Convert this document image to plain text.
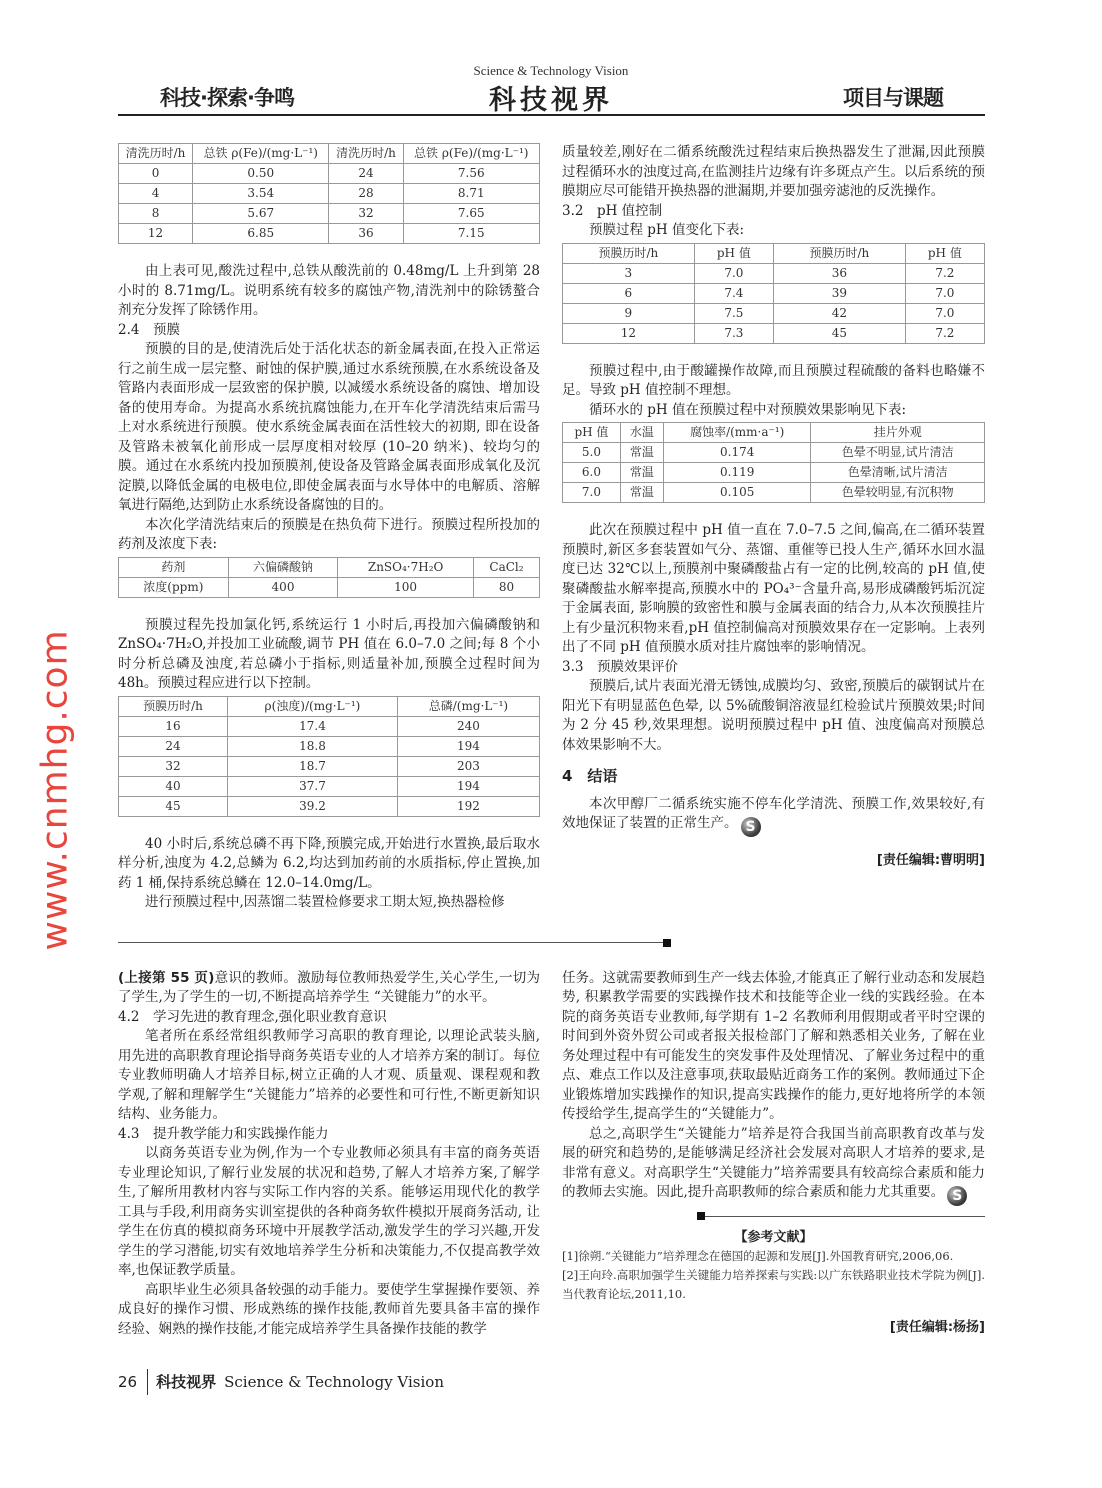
Science & Technology Vision
科技·探索·争鸣	科技视界	项目与课题
清洗历时/h	总铁 ρ(Fe)/(mg·L⁻¹)	清洗历时/h	总铁 ρ(Fe)/(mg·L⁻¹)
0	0.50	24	7.56
4	3.54	28	8.71
8	5.67	32	7.65
12	6.85	36	7.15

由上表可见,酸洗过程中,总铁从酸洗前的 0.48mg/L 上升到第 28 小时的 8.71mg/L。说明系统有较多的腐蚀产物,清洗剂中的除锈螯合剂充分发挥了除锈作用。

2.4　预膜

预膜的目的是,使清洗后处于活化状态的新金属表面,在投入正常运行之前生成一层完整、耐蚀的保护膜,通过水系统预膜,在水系统设备及管路内表面形成一层致密的保护膜, 以减缓水系统设备的腐蚀、增加设备的使用寿命。为提高水系统抗腐蚀能力,在开车化学清洗结束后需马上对水系统进行预膜。使水系统金属表面在活性较大的初期, 即在设备及管路未被氧化前形成一层厚度相对较厚 (10–20 纳米)、较均匀的膜。通过在水系统内投加预膜剂,使设备及管路金属表面形成氧化及沉淀膜,以降低金属的电极电位,即使金属表面与水导体中的电解质、溶解氧进行隔绝,达到防止水系统设备腐蚀的目的。

本次化学清洗结束后的预膜是在热负荷下进行。预膜过程所投加的药剂及浓度下表:

药剂	六偏磷酸钠	ZnSO₄·7H₂O	CaCl₂
浓度(ppm)	400	100	80

预膜过程先投加氯化钙,系统运行 1 小时后,再投加六偏磷酸钠和 ZnSO₄·7H₂O,并投加工业硫酸,调节 PH 值在 6.0–7.0 之间;每 8 个小时分析总磷及浊度,若总磷小于指标,则适量补加,预膜全过程时间为 48h。预膜过程应进行以下控制。

预膜历时/h	ρ(浊度)/(mg·L⁻¹)	总磷/(mg·L⁻¹)
16	17.4	240
24	18.8	194
32	18.7	203
40	37.7	194
45	39.2	192

40 小时后,系统总磷不再下降,预膜完成,开始进行水置换,最后取水样分析,浊度为 4.2,总鳞为 6.2,均达到加药前的水质指标,停止置换,加药 1 桶,保持系统总鳞在 12.0–14.0mg/L。

进行预膜过程中,因蒸馏二装置检修要求工期太短,换热器检修

质量较差,刚好在二循系统酸洗过程结束后换热器发生了泄漏,因此预膜过程循环水的浊度过高,在监测挂片边缘有许多斑点产生。以后系统的预膜期应尽可能错开换热器的泄漏期,并要加强旁滤池的反洗操作。

3.2　pH 值控制

预膜过程 pH 值变化下表:

预膜历时/h	pH 值	预膜历时/h	pH 值
3	7.0	36	7.2
6	7.4	39	7.0
9	7.5	42	7.0
12	7.3	45	7.2

预膜过程中,由于酸罐操作故障,而且预膜过程硫酸的备料也略嫌不足。导致 pH 值控制不理想。

循环水的 pH 值在预膜过程中对预膜效果影响见下表:

pH 值	水温	腐蚀率/(mm·a⁻¹)	挂片外观
5.0	常温	0.174	色晕不明显,试片清洁
6.0	常温	0.119	色晕清晰,试片清洁
7.0	常温	0.105	色晕较明显,有沉积物

此次在预膜过程中 pH 值一直在 7.0–7.5 之间,偏高,在二循环装置预膜时,新区多套装置如气分、蒸馏、重催等已投人生产,循环水回水温度已达 32℃以上,预膜剂中聚磷酸盐占有一定的比例,较高的 pH 值,使聚磷酸盐水解率提高,预膜水中的 PO₄³⁻含量升高,易形成磷酸钙垢沉淀于金属表面, 影响膜的致密性和膜与金属表面的结合力,从本次预膜挂片上有少量沉积物来看,pH 值控制偏高对预膜效果存在一定影响。上表列出了不同 pH 值预膜水质对挂片腐蚀率的影响情况。

3.3　预膜效果评价

预膜后,试片表面光滑无锈蚀,成膜均匀、致密,预膜后的碳钢试片在阳光下有明显蓝色色晕, 以 5%硫酸铜溶液显红检验试片预膜效果;时间为 2 分 45 秒,效果理想。说明预膜过程中 pH 值、浊度偏高对预膜总体效果影响不大。

4　结语

本次甲醇厂二循系统实施不停车化学清洗、预膜工作,效果较好,有效地保证了装置的正常生产。 S

[责任编辑:曹明明]

(上接第 55 页)意识的教师。激励每位教师热爱学生,关心学生,一切为了学生,为了学生的一切,不断提高培养学生 “关键能力”的水平。

4.2　学习先进的教育理念,强化职业教育意识

笔者所在系经常组织教师学习高职的教育理论, 以理论武装头脑, 用先进的高职教育理论指导商务英语专业的人才培养方案的制订。每位专业教师明确人才培养目标,树立正确的人才观、质量观、课程观和教学观,了解和理解学生“关键能力”培养的必要性和可行性,不断更新知识结构、业务能力。

4.3　提升教学能力和实践操作能力

以商务英语专业为例,作为一个专业教师必须具有丰富的商务英语专业理论知识,了解行业发展的状况和趋势,了解人才培养方案,了解学生,了解所用教材内容与实际工作内容的关系。能够运用现代化的教学工具与手段,利用商务实训室提供的各种商务软件模拟开展商务活动, 让学生在仿真的模拟商务环境中开展教学活动,激发学生的学习兴趣,开发学生的学习潜能,切实有效地培养学生分析和决策能力,不仅提高教学效率,也保证教学质量。

高职毕业生必须具备较强的动手能力。要使学生掌握操作要领、养成良好的操作习惯、形成熟练的操作技能,教师首先要具备丰富的操作经验、娴熟的操作技能,才能完成培养学生具备操作技能的教学

任务。这就需要教师到生产一线去体验,才能真正了解行业动态和发展趋势, 积累教学需要的实践操作技术和技能等企业一线的实践经验。在本院的商务英语专业教师,每学期有 1–2 名教师利用假期或者平时空课的时间到外资外贸公司或者报关报检部门了解和熟悉相关业务, 了解在业务处理过程中有可能发生的突发事件及处理情况、了解业务过程中的重点、难点工作以及注意事项,获取最贴近商务工作的案例。教师通过下企业锻炼增加实践操作的知识,提高实践操作的能力,更好地将所学的本领传授给学生,提高学生的“关键能力”。

总之,高职学生“关键能力”培养是符合我国当前高职教育改革与发展的研究和趋势的,是能够满足经济社会发展对高职人才培养的要求,是非常有意义。对高职学生“关键能力”培养需要具有较高综合素质和能力的教师去实施。因此,提升高职教师的综合素质和能力尤其重要。 S

【参考文献】
[1]徐朔.“关键能力”培养理念在德国的起源和发展[J].外国教育研究,2006,06.
[2]王向玲.高职加强学生关键能力培养探索与实践:以广东铁路职业技术学院为例[J].当代教育论坛,2011,10.
[责任编辑:杨扬]
26 科技视界 Science & Technology Vision
www.cnmhg.com
